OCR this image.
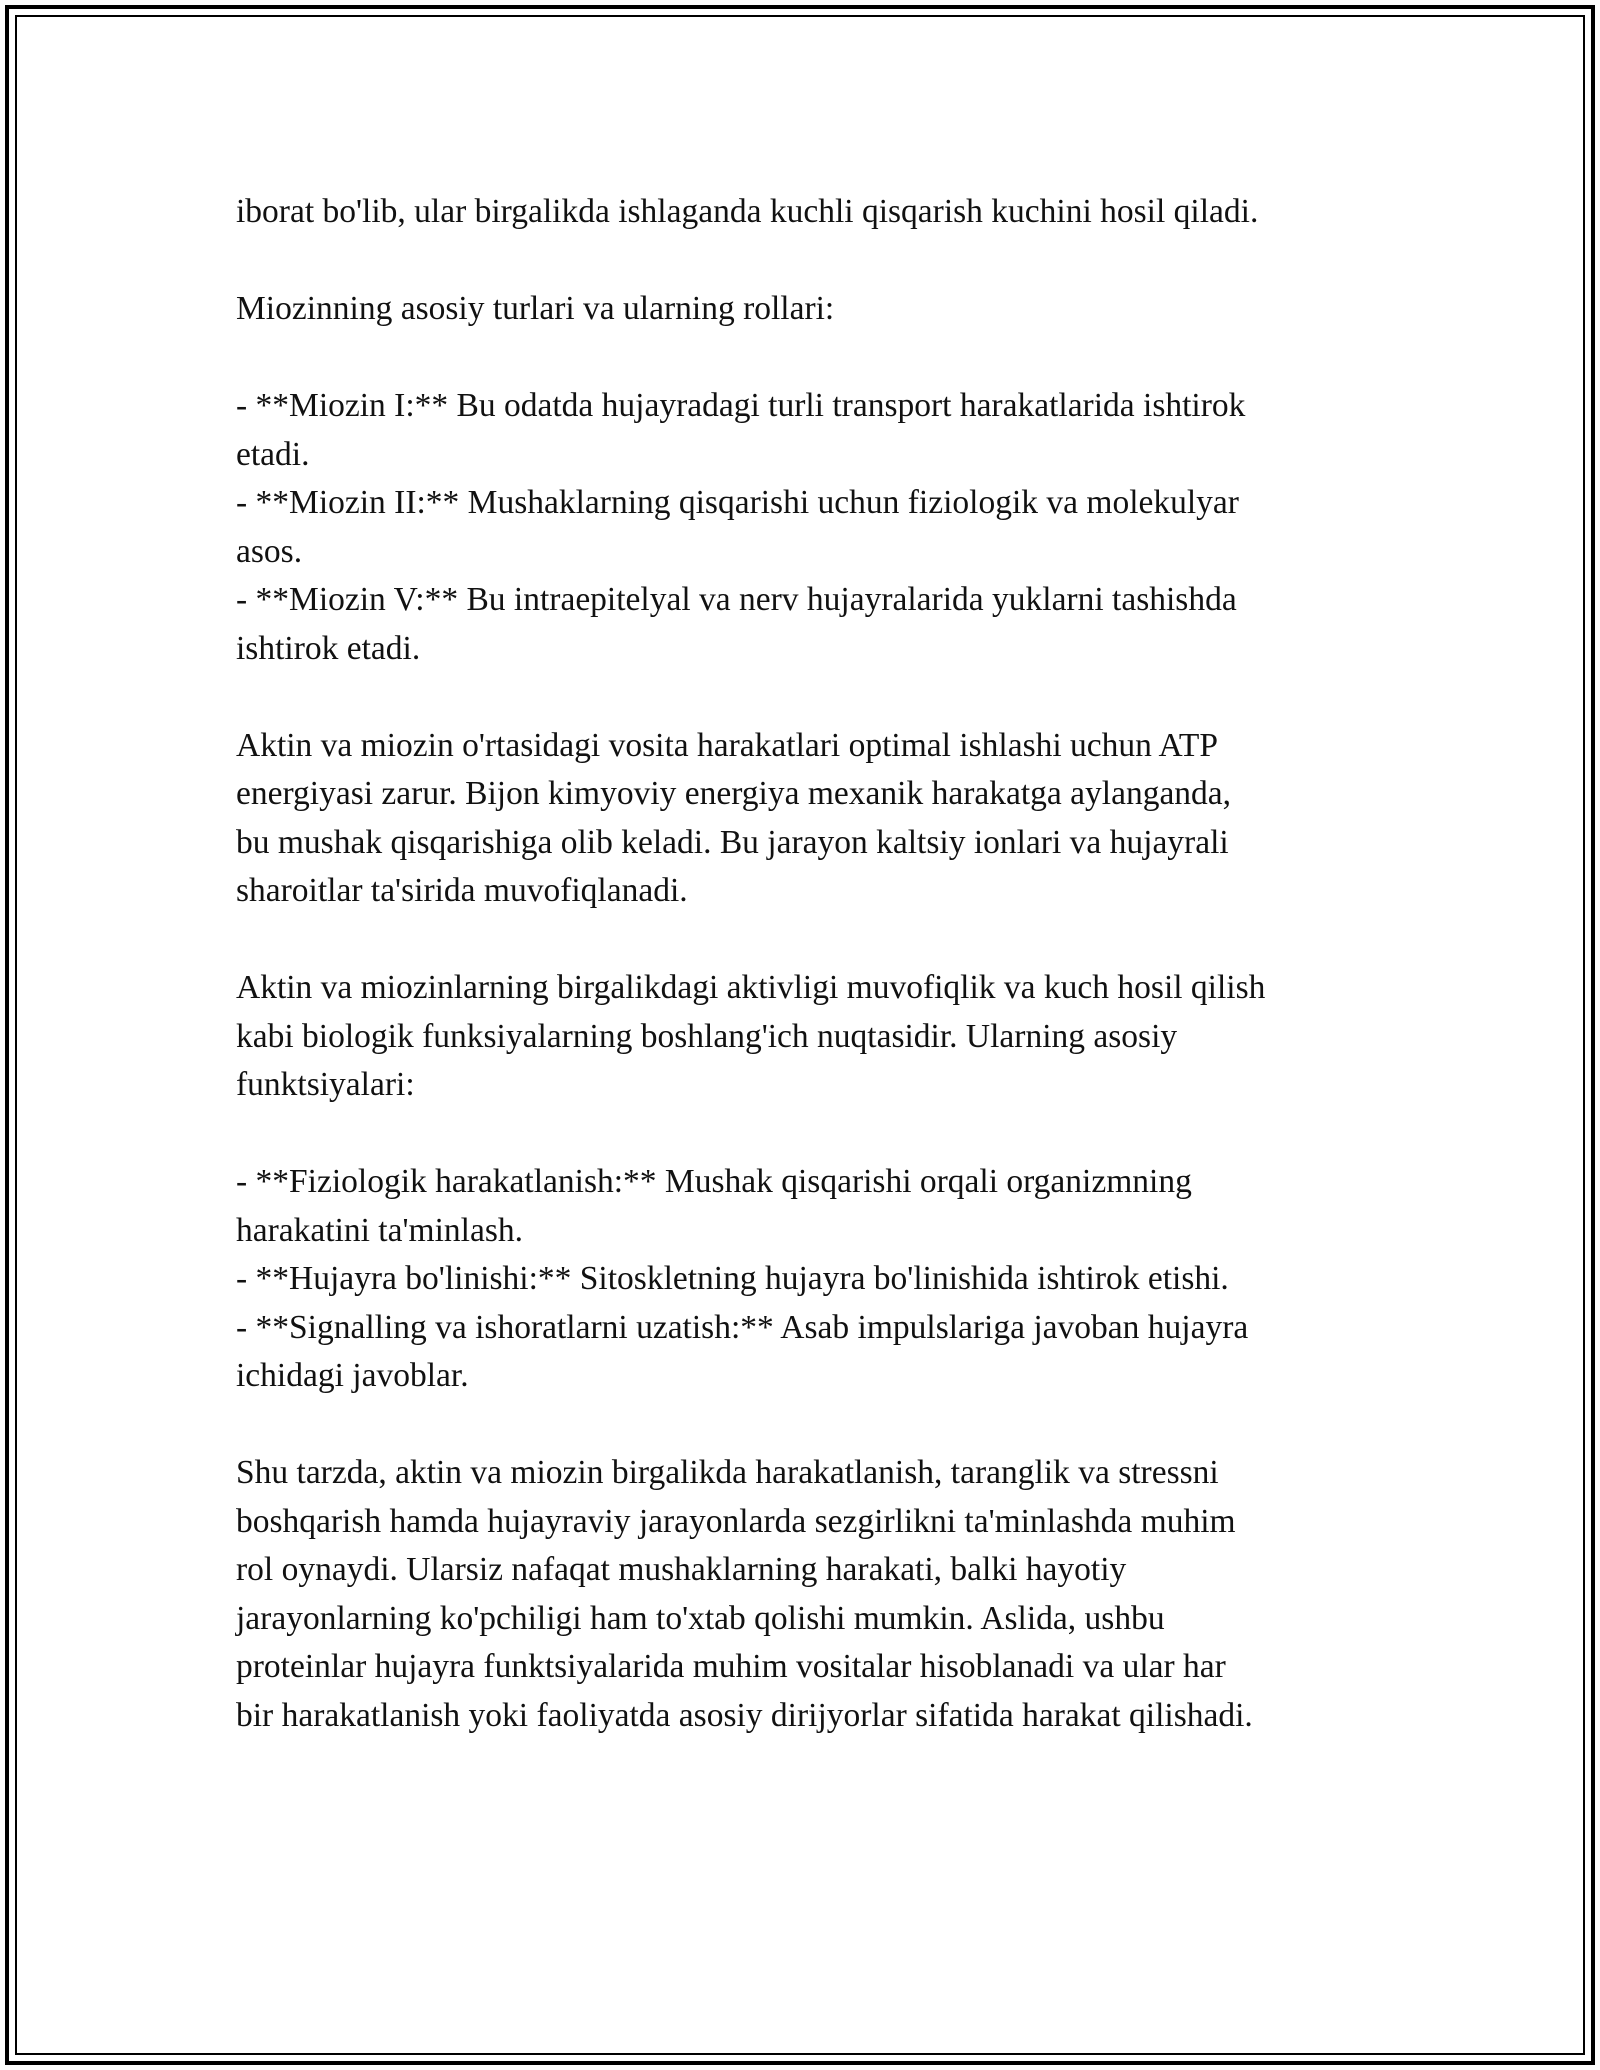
iborat bo'lib, ular birgalikda ishlaganda kuchli qisqarish kuchini hosil qiladi.
Miozinning asosiy turlari va ularning rollari:
- **Miozin I:** Bu odatda hujayradagi turli transport harakatlarida ishtirok
etadi.
- **Miozin II:** Mushaklarning qisqarishi uchun fiziologik va molekulyar
asos.
- **Miozin V:** Bu intraepitelyal va nerv hujayralarida yuklarni tashishda
ishtirok etadi.
Aktin va miozin o'rtasidagi vosita harakatlari optimal ishlashi uchun ATP
energiyasi zarur. Bijon kimyoviy energiya mexanik harakatga aylanganda,
bu mushak qisqarishiga olib keladi. Bu jarayon kaltsiy ionlari va hujayrali
sharoitlar ta'sirida muvofiqlanadi.
Aktin va miozinlarning birgalikdagi aktivligi muvofiqlik va kuch hosil qilish
kabi biologik funksiyalarning boshlang'ich nuqtasidir. Ularning asosiy
funktsiyalari:
- **Fiziologik harakatlanish:** Mushak qisqarishi orqali organizmning
harakatini ta'minlash.
- **Hujayra bo'linishi:** Sitoskletning hujayra bo'linishida ishtirok etishi.
- **Signalling va ishoratlarni uzatish:** Asab impulslariga javoban hujayra
ichidagi javoblar.
Shu tarzda, aktin va miozin birgalikda harakatlanish, taranglik va stressni
boshqarish hamda hujayraviy jarayonlarda sezgirlikni ta'minlashda muhim
rol oynaydi. Ularsiz nafaqat mushaklarning harakati, balki hayotiy
jarayonlarning ko'pchiligi ham to'xtab qolishi mumkin. Aslida, ushbu
proteinlar hujayra funktsiyalarida muhim vositalar hisoblanadi va ular har
bir harakatlanish yoki faoliyatda asosiy dirijyorlar sifatida harakat qilishadi.
